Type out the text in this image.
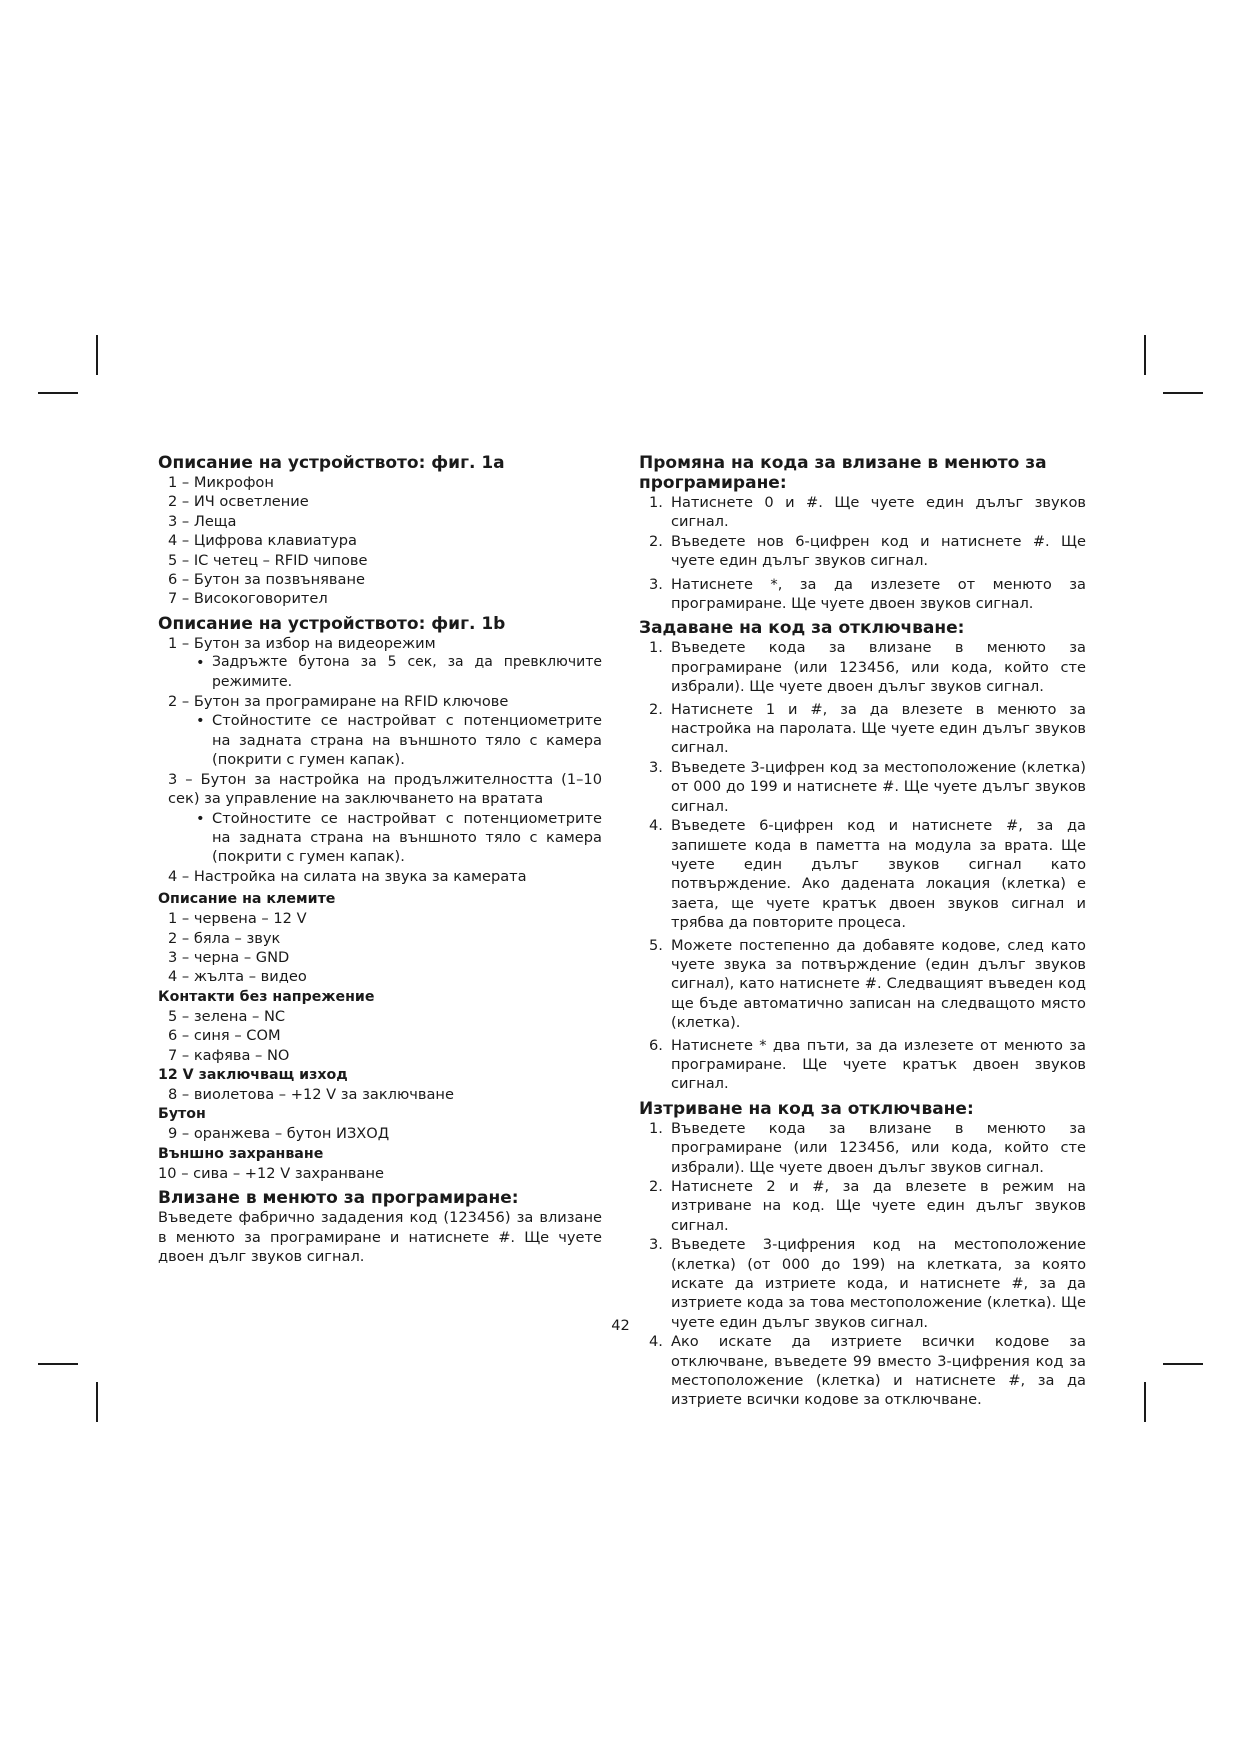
Описание на устройството: фиг. 1a

1 – Микрофон

2 – ИЧ осветление

3 – Леща

4 – Цифрова клавиатура

5 – IC четец – RFID чипове

6 – Бутон за позвъняване

7 – Високоговорител

Описание на устройството: фиг. 1b

1 – Бутон за избор на видеорежим

• Задръжте бутона за 5 сек, за да превключите режимите.

2 – Бутон за програмиране на RFID ключове

• Стойностите се настройват с потенциометрите на задната страна на външното тяло с камера (покрити с гумен капак).

3 – Бутон за настройка на продължителността (1–10 сек) за управление на заключването на вратата

• Стойностите се настройват с потенциометрите на задната страна на външното тяло с камера (покрити с гумен капак).

4 – Настройка на силата на звука за камерата

Описание на клемите

1 – червена – 12 V

2 – бяла – звук

3 – черна – GND

4 – жълта – видео

Контакти без напрежение

5 – зелена – NC

6 – синя – COM

7 – кафява – NO

12 V заключващ изход

8 – виолетова – +12 V за заключване

Бутон

9 – оранжева – бутон ИЗХОД

Външно захранване

10 – сива – +12 V захранване

Влизане в менюто за програмиране:

Въведете фабрично зададения код (123456) за влизане в менюто за програмиране и натиснете #. Ще чуете двоен дълг звуков сигнал.

Промяна на кода за влизане в менюто за програмиране:
1. Натиснете 0 и #. Ще чуете един дълъг звуков сигнал.
2. Въведете нов 6-цифрен код и натиснете #. Ще чуете един дълъг звуков сигнал.
3. Натиснете *, за да излезете от менюто за програмиране. Ще чуете двоен звуков сигнал.
Задаване на код за отключване:
1. Въведете кода за влизане в менюто за програмиране (или 123456, или кода, който сте избрали). Ще чуете двоен дълъг звуков сигнал.
2. Натиснете 1 и #, за да влезете в менюто за настройка на паролата. Ще чуете един дълъг звуков сигнал.
3. Въведете 3-цифрен код за местоположение (клетка) от 000 до 199 и натиснете #. Ще чуете дълъг звуков сигнал.
4. Въведете 6-цифрен код и натиснете #, за да запишете кода в паметта на модула за врата. Ще чуете един дълъг звуков сигнал като потвърждение. Ако дадената локация (клетка) е заета, ще чуете кратък двоен звуков сигнал и трябва да повторите процеса.
5. Можете постепенно да добавяте кодове, след като чуете звука за потвърждение (един дълъг звуков сигнал), като натиснете #. Следващият въведен код ще бъде автоматично записан на следващото място (клетка).
6. Натиснете * два пъти, за да излезете от менюто за програмиране. Ще чуете кратък двоен звуков сигнал.
Изтриване на код за отключване:
1. Въведете кода за влизане в менюто за програмиране (или 123456, или кода, който сте избрали). Ще чуете двоен дълъг звуков сигнал.
2. Натиснете 2 и #, за да влезете в режим на изтриване на код. Ще чуете един дълъг звуков сигнал.
3. Въведете 3-цифрения код на местоположение (клетка) (от 000 до 199) на клетката, за която искате да изтриете кода, и натиснете #, за да изтриете кода за това местоположение (клетка). Ще чуете един дълъг звуков сигнал.
4. Ако искате да изтриете всички кодове за отключване, въведете 99 вместо 3-цифрения код за местоположение (клетка) и натиснете #, за да изтриете всички кодове за отключване.
42
